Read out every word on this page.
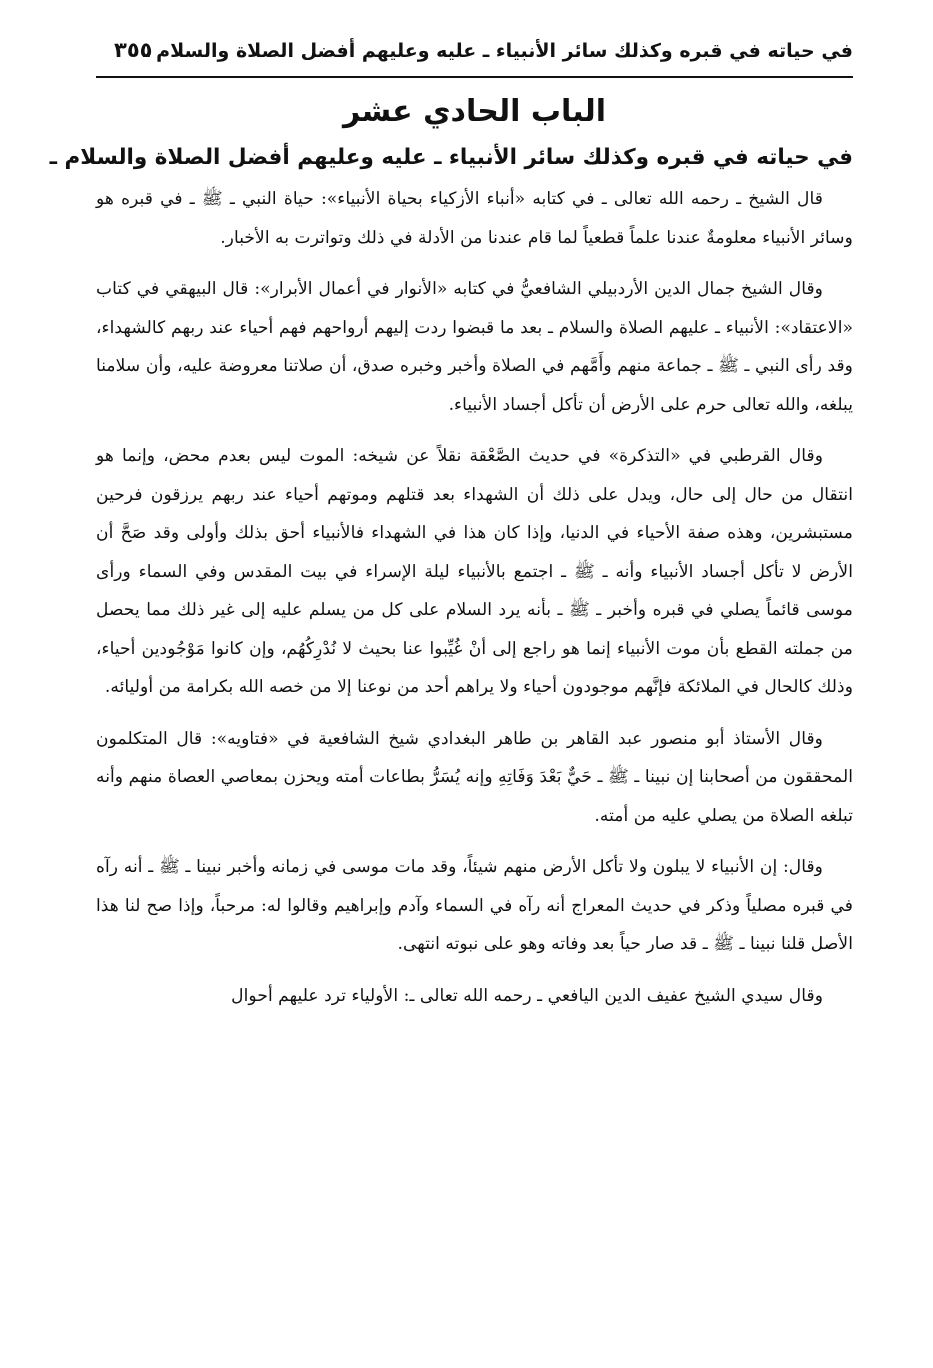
في حياته في قبره وكذلك سائر الأنبياء ـ عليه وعليهم أفضل الصلاة والسلام ـ
٣٥٥
الباب الحادي عشر
في حياته في قبره وكذلك سائر الأنبياء ـ عليه وعليهم أفضل الصلاة والسلام ـ

قال الشيخ ـ رحمه الله تعالى ـ في كتابه «أنباء الأزكياء بحياة الأنبياء»: حياة النبي ـ ﷺ ـ في قبره هو وسائر الأنبياء معلومةٌ عندنا علماً قطعياً لما قام عندنا من الأدلة في ذلك وتواترت به الأخبار.

وقال الشيخ جمال الدين الأردبيلي الشافعيُّ في كتابه «الأنوار في أعمال الأبرار»: قال البيهقي في كتاب «الاعتقاد»: الأنبياء ـ عليهم الصلاة والسلام ـ بعد ما قبضوا ردت إليهم أرواحهم فهم أحياء عند ربهم كالشهداء، وقد رأى النبي ـ ﷺ ـ جماعة منهم وأَمَّهم في الصلاة وأخبر وخبره صدق، أن صلاتنا معروضة عليه، وأن سلامنا يبلغه، والله تعالى حرم على الأرض أن تأكل أجساد الأنبياء.

وقال القرطبي في «التذكرة» في حديث الصَّعْقة نقلاً عن شيخه: الموت ليس بعدم محض، وإنما هو انتقال من حال إلى حال، ويدل على ذلك أن الشهداء بعد قتلهم وموتهم أحياء عند ربهم يرزقون فرحين مستبشرين، وهذه صفة الأحياء في الدنيا، وإذا كان هذا في الشهداء فالأنبياء أحق بذلك وأولى وقد صَحَّ أن الأرض لا تأكل أجساد الأنبياء وأنه ـ ﷺ ـ اجتمع بالأنبياء ليلة الإسراء في بيت المقدس وفي السماء ورأى موسى قائماً يصلي في قبره وأخبر ـ ﷺ ـ بأنه يرد السلام على كل من يسلم عليه إلى غير ذلك مما يحصل من جملته القطع بأن موت الأنبياء إنما هو راجع إلى أنْ غُيِّبوا عنا بحيث لا نُدْرِكُهُم، وإن كانوا مَوْجُودين أحياء، وذلك كالحال في الملائكة فإنَّهم موجودون أحياء ولا يراهم أحد من نوعنا إلا من خصه الله بكرامة من أوليائه.

وقال الأستاذ أبو منصور عبد القاهر بن طاهر البغدادي شيخ الشافعية في «فتاويه»: قال المتكلمون المحققون من أصحابنا إن نبينا ـ ﷺ ـ حَيٌّ بَعْدَ وَفَاتِهِ وإنه يُسَرُّ بطاعات أمته ويحزن بمعاصي العصاة منهم وأنه تبلغه الصلاة من يصلي عليه من أمته.

وقال: إن الأنبياء لا يبلون ولا تأكل الأرض منهم شيئاً، وقد مات موسى في زمانه وأخبر نبينا ـ ﷺ ـ أنه رآه في قبره مصلياً وذكر في حديث المعراج أنه رآه في السماء وآدم وإبراهيم وقالوا له: مرحباً، وإذا صح لنا هذا الأصل قلنا نبينا ـ ﷺ ـ قد صار حياً بعد وفاته وهو على نبوته انتهى.

وقال سيدي الشيخ عفيف الدين اليافعي ـ رحمه الله تعالى ـ: الأولياء ترد عليهم أحوال
